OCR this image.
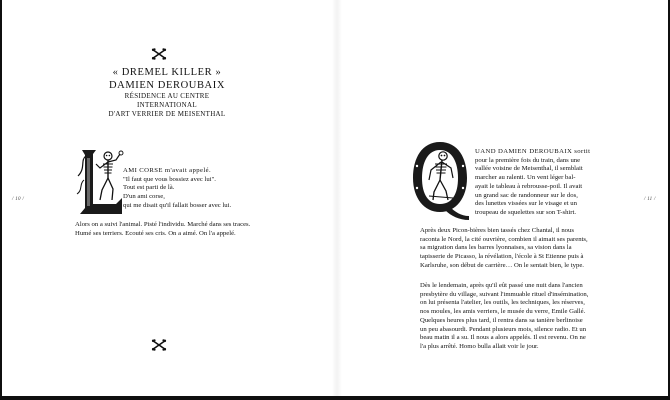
/ 10 /	/ 11 /
« DREMEL KILLER »
DAMIEN DEROUBAIX
RÉSIDENCE AU CENTRE INTERNATIONAL
D'ART VERRIER DE MEISENTHAL
AMI CORSE m'avait appelé.
"Il faut que vous bossiez avec lui".
Tout est parti de là.
D'un ami corse,
qui me disait qu'il fallait bosser avec lui.
Alors on a suivi l'animal. Pisté l'individu. Marché dans ses traces.
Humé ses terriers. Ecouté ses cris. On a aimé. On l'a appelé.
UAND DAMIEN DEROUBAIX sortit
pour la première fois du train, dans une
vallée voisine de Meisenthal, il semblait
marcher au ralenti. Un vent léger bal-
ayait le tableau à rebrousse-poil. Il avait
un grand sac de randonneur sur le dos,
des lunettes vissées sur le visage et un
troupeau de squelettes sur son T-shirt.
Après deux Picon-bières bien tassés chez Chantal, il nous
raconta le Nord, la cité ouvrière, combien il aimait ses parents,
sa migration dans les barres lyonnaises, sa vision dans la
tapisserie de Picasso, la révélation, l'école à St Etienne puis à
Karlsruhe, son début de carrière… On le sentait bien, le type.
Dès le lendemain, après qu'il eût passé une nuit dans l'ancien
presbytère du village, suivant l'immuable rituel d'insémination,
on lui présenta l'atelier, les outils, les techniques, les réserves,
nos moules, les amis verriers, le musée du verre, Emile Gallé.
Quelques heures plus tard, il rentra dans sa tanière berlinoise
un peu abasourdi. Pendant plusieurs mois, silence radio. Et un
beau matin il a su. Il nous a alors appelés. Il est revenu. On ne
l'a plus arrêté. Homo bulla allait voir le jour.
